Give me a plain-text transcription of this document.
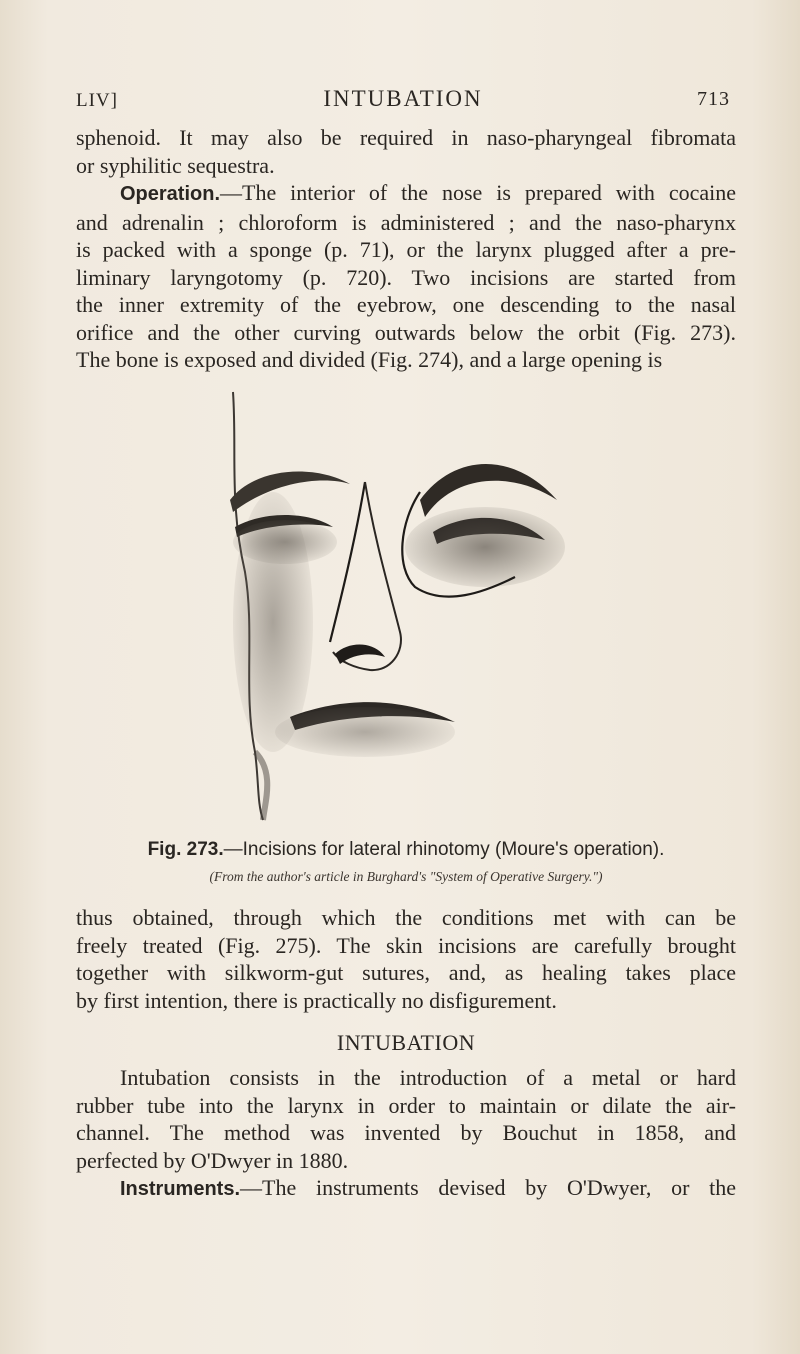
LIV]	INTUBATION	713
sphenoid. It may also be required in naso-pharyngeal fibromata
or syphilitic sequestra.
Operation.—The interior of the nose is prepared with cocaine
and adrenalin ; chloroform is administered ; and the naso-pharynx
is packed with a sponge (p. 71), or the larynx plugged after a pre-
liminary laryngotomy (p. 720). Two incisions are started from
the inner extremity of the eyebrow, one descending to the nasal
orifice and the other curving outwards below the orbit (Fig. 273).
The bone is exposed and divided (Fig. 274), and a large opening is
Fig. 273.—Incisions for lateral rhinotomy (Moure's operation).
(From the author's article in Burghard's "System of Operative Surgery.")
thus obtained, through which the conditions met with can be
freely treated (Fig. 275). The skin incisions are carefully brought
together with silkworm-gut sutures, and, as healing takes place
by first intention, there is practically no disfigurement.
INTUBATION
Intubation consists in the introduction of a metal or hard
rubber tube into the larynx in order to maintain or dilate the air-
channel. The method was invented by Bouchut in 1858, and
perfected by O'Dwyer in 1880.
Instruments.—The instruments devised by O'Dwyer, or the
